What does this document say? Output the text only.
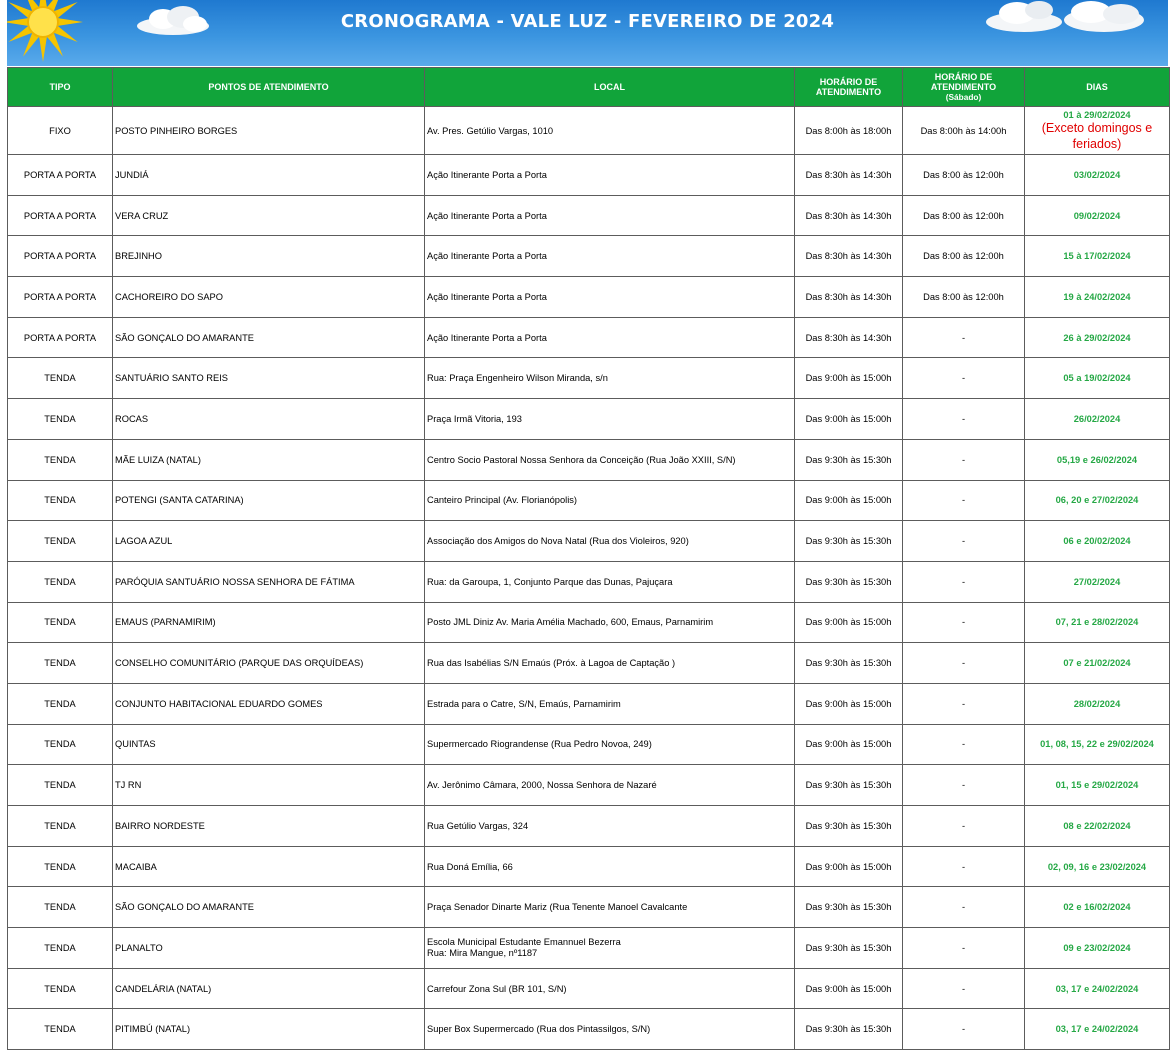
CRONOGRAMA - VALE LUZ - FEVEREIRO DE 2024
TIPO	PONTOS DE ATENDIMENTO	LOCAL	HORÁRIO DE ATENDIMENTO	HORÁRIO DE ATENDIMENTO
(Sábado)	DIAS
FIXO	POSTO PINHEIRO BORGES	Av. Pres. Getúlio Vargas, 1010	Das 8:00h às 18:00h	Das 8:00h às 14:00h	01 à 29/02/2024
(Exceto domingos e feriados)

PORTA A PORTA	JUNDIÁ	Ação Itinerante Porta a Porta	Das 8:30h às 14:30h	Das 8:00 às 12:00h	03/02/2024
PORTA A PORTA	VERA CRUZ	Ação Itinerante Porta a Porta	Das 8:30h às 14:30h	Das 8:00 às 12:00h	09/02/2024
PORTA A PORTA	BREJINHO	Ação Itinerante Porta a Porta	Das 8:30h às 14:30h	Das 8:00 às 12:00h	15 à 17/02/2024
PORTA A PORTA	CACHOREIRO DO SAPO	Ação Itinerante Porta a Porta	Das 8:30h às 14:30h	Das 8:00 às 12:00h	19 à 24/02/2024
PORTA A PORTA	SÃO GONÇALO DO AMARANTE	Ação Itinerante Porta a Porta	Das 8:30h às 14:30h	-	26 à 29/02/2024
TENDA	SANTUÁRIO SANTO REIS	Rua: Praça Engenheiro Wilson Miranda, s/n	Das 9:00h às 15:00h	-	05 a 19/02/2024
TENDA	ROCAS	Praça Irmã Vitoria, 193	Das 9:00h às 15:00h	-	26/02/2024
TENDA	MÃE LUIZA (NATAL)	Centro Socio Pastoral Nossa Senhora da Conceição (Rua João XXIII, S/N)	Das 9:30h às 15:30h	-	05,19 e 26/02/2024
TENDA	POTENGI (SANTA CATARINA)	Canteiro Principal (Av. Florianópolis)	Das 9:00h às 15:00h	-	06, 20 e 27/02/2024
TENDA	LAGOA AZUL	Associação dos Amigos do Nova Natal (Rua dos Violeiros, 920)	Das 9:30h às 15:30h	-	06 e 20/02/2024
TENDA	PARÓQUIA SANTUÁRIO NOSSA SENHORA DE FÁTIMA	Rua: da Garoupa, 1, Conjunto Parque das Dunas, Pajuçara	Das 9:30h às 15:30h	-	27/02/2024
TENDA	EMAUS (PARNAMIRIM)	Posto JML Diniz Av. Maria Amélia Machado, 600, Emaus, Parnamirim	Das 9:00h às 15:00h	-	07, 21 e 28/02/2024
TENDA	CONSELHO COMUNITÁRIO (PARQUE DAS ORQUÍDEAS)	Rua das Isabélias S/N Emaús (Próx. à Lagoa de Captação )	Das 9:30h às 15:30h	-	07 e 21/02/2024
TENDA	CONJUNTO HABITACIONAL EDUARDO GOMES	Estrada para o Catre, S/N, Emaús, Parnamirim	Das 9:00h às 15:00h	-	28/02/2024
TENDA	QUINTAS	Supermercado Riograndense (Rua Pedro Novoa, 249)	Das 9:00h às 15:00h	-	01, 08, 15, 22 e 29/02/2024
TENDA	TJ RN	Av. Jerônimo Câmara, 2000, Nossa Senhora de Nazaré	Das 9:30h às 15:30h	-	01, 15 e 29/02/2024
TENDA	BAIRRO NORDESTE	Rua Getúlio Vargas, 324	Das 9:30h às 15:30h	-	08 e 22/02/2024
TENDA	MACAIBA	Rua Doná Emília, 66	Das 9:00h às 15:00h	-	02, 09, 16 e 23/02/2024
TENDA	SÃO GONÇALO DO AMARANTE	Praça Senador Dinarte Mariz (Rua Tenente Manoel Cavalcante	Das 9:30h às 15:30h	-	02 e 16/02/2024
TENDA	PLANALTO	Escola Municipal Estudante Emannuel Bezerra
Rua: Mira Mangue, nº1187	Das 9:30h às 15:30h	-	09 e 23/02/2024
TENDA	CANDELÁRIA (NATAL)	Carrefour Zona Sul (BR 101, S/N)	Das 9:00h às 15:00h	-	03, 17 e 24/02/2024
TENDA	PITIMBÚ (NATAL)	Super Box Supermercado (Rua dos Pintassilgos, S/N)	Das 9:30h às 15:30h	-	03, 17 e 24/02/2024
